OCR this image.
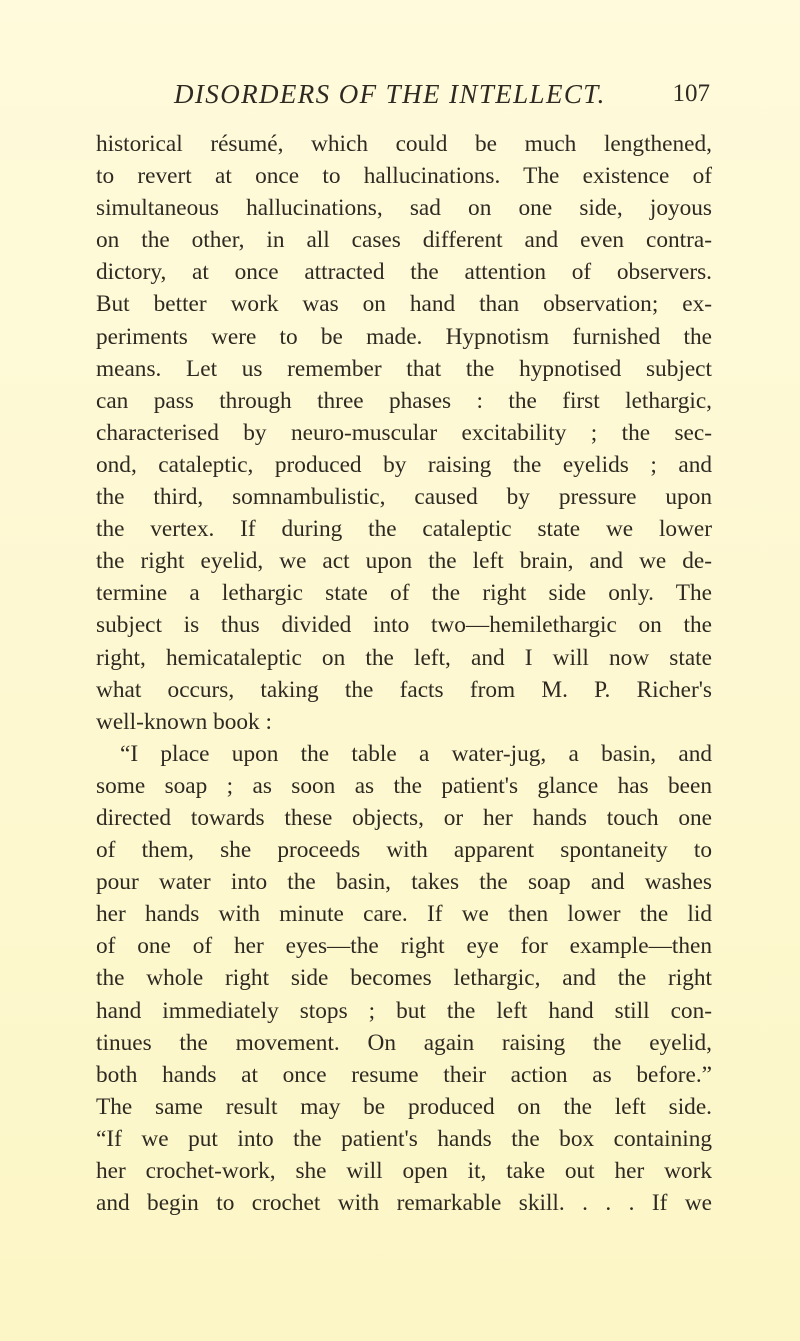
DISORDERS OF THE INTELLECT.	107
historical résumé, which could be much lengthened,
to revert at once to hallucinations. The existence of
simultaneous hallucinations, sad on one side, joyous
on the other, in all cases different and even contra-
dictory, at once attracted the attention of observers.
But better work was on hand than observation; ex-
periments were to be made. Hypnotism furnished the
means. Let us remember that the hypnotised subject
can pass through three phases : the first lethargic,
characterised by neuro-muscular excitability ; the sec-
ond, cataleptic, produced by raising the eyelids ; and
the third, somnambulistic, caused by pressure upon
the vertex. If during the cataleptic state we lower
the right eyelid, we act upon the left brain, and we de-
termine a lethargic state of the right side only. The
subject is thus divided into two—hemilethargic on the
right, hemicataleptic on the left, and I will now state
what occurs, taking the facts from M. P. Richer's
well-known book :
“I place upon the table a water-jug, a basin, and
some soap ; as soon as the patient's glance has been
directed towards these objects, or her hands touch one
of them, she proceeds with apparent spontaneity to
pour water into the basin, takes the soap and washes
her hands with minute care. If we then lower the lid
of one of her eyes—the right eye for example—then
the whole right side becomes lethargic, and the right
hand immediately stops ; but the left hand still con-
tinues the movement. On again raising the eyelid,
both hands at once resume their action as before.”
The same result may be produced on the left side.
“If we put into the patient's hands the box containing
her crochet-work, she will open it, take out her work
and begin to crochet with remarkable skill. . . . If we
